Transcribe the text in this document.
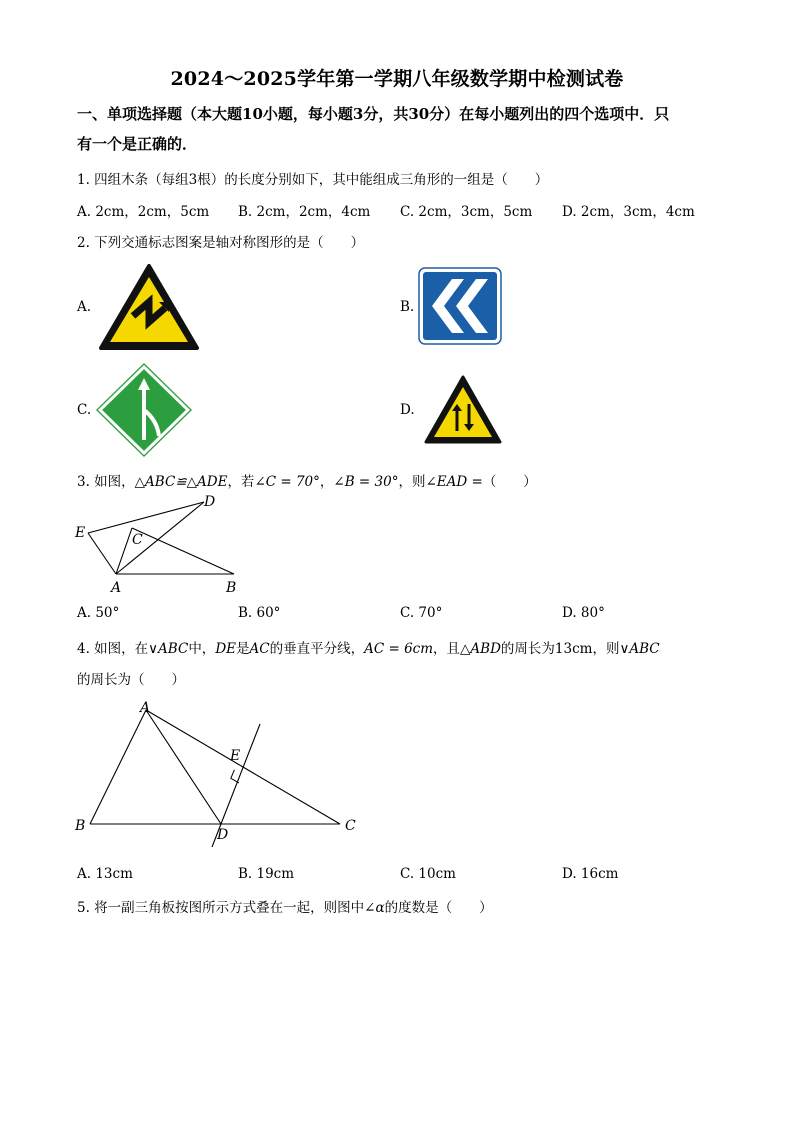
2024～2025学年第一学期八年级数学期中检测试卷
一、单项选择题（本大题10小题，每小题3分，共30分）在每小题列出的四个选项中．只
有一个是正确的．
1. 四组木条（每组3根）的长度分别如下，其中能组成三角形的一组是（　　）
A. 2cm，2cm，5cm B. 2cm，2cm，4cm C. 2cm，3cm，5cm D. 2cm，3cm，4cm
2. 下列交通标志图案是轴对称图形的是（　　）
A.	B.
C.	D.
3. 如图，△ABC≌△ADE，若∠C = 70°，∠B = 30°，则∠EAD =（　　）
E
D
C
A	B
A. 50°	B. 60°	C. 70°	D. 80°
4. 如图，在∨ABC中，DE是AC的垂直平分线，AC = 6cm，且△ABD的周长为13cm，则∨ABC
的周长为（　　）
A
B	C
D
E
A. 13cm	B. 19cm	C. 10cm	D. 16cm
5. 将一副三角板按图所示方式叠在一起，则图中∠α的度数是（　　）
